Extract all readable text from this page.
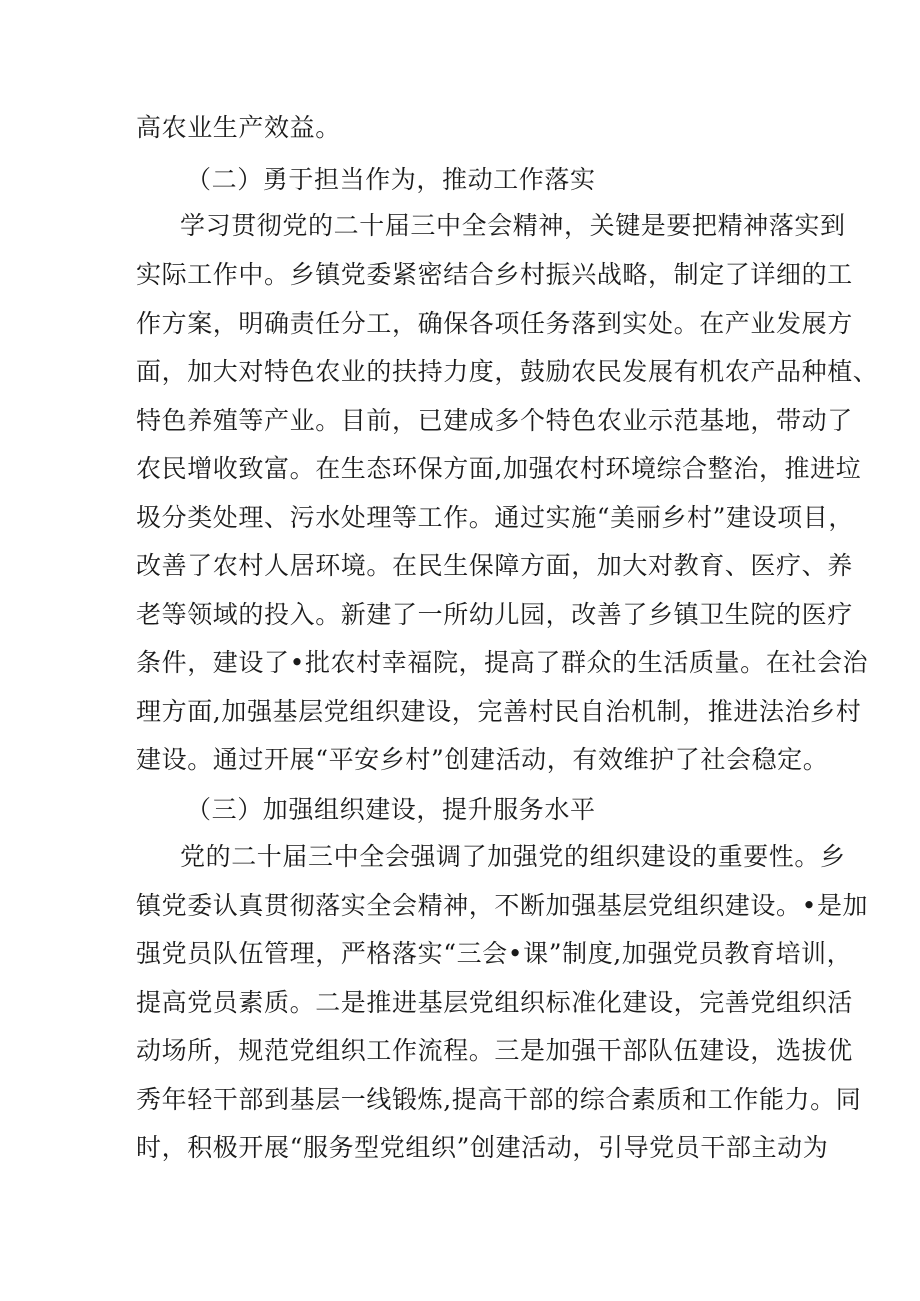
高农业生产效益。
（二）勇于担当作为，推动工作落实
学习贯彻党的二十届三中全会精神，关键是要把精神落实到
实际工作中。乡镇党委紧密结合乡村振兴战略，制定了详细的工
作方案，明确责任分工，确保各项任务落到实处。在产业发展方
面，加大对特色农业的扶持力度，鼓励农民发展有机农产品种植、
特色养殖等产业。目前，已建成多个特色农业示范基地，带动了
农民增收致富。在生态环保方面,加强农村环境综合整治，推进垃
圾分类处理、污水处理等工作。通过实施“美丽乡村”建设项目，
改善了农村人居环境。在民生保障方面，加大对教育、医疗、养
老等领域的投入。新建了一所幼儿园，改善了乡镇卫生院的医疗
条件，建设了•批农村幸福院，提高了群众的生活质量。在社会治
理方面,加强基层党组织建设，完善村民自治机制，推进法治乡村
建设。通过开展“平安乡村”创建活动，有效维护了社会稳定。
（三）加强组织建设，提升服务水平
党的二十届三中全会强调了加强党的组织建设的重要性。乡
镇党委认真贯彻落实全会精神，不断加强基层党组织建设。•是加
强党员队伍管理，严格落实“三会•课”制度,加强党员教育培训，
提高党员素质。二是推进基层党组织标准化建设，完善党组织活
动场所，规范党组织工作流程。三是加强干部队伍建设，选拔优
秀年轻干部到基层一线锻炼,提高干部的综合素质和工作能力。同
时，积极开展“服务型党组织”创建活动，引导党员干部主动为
